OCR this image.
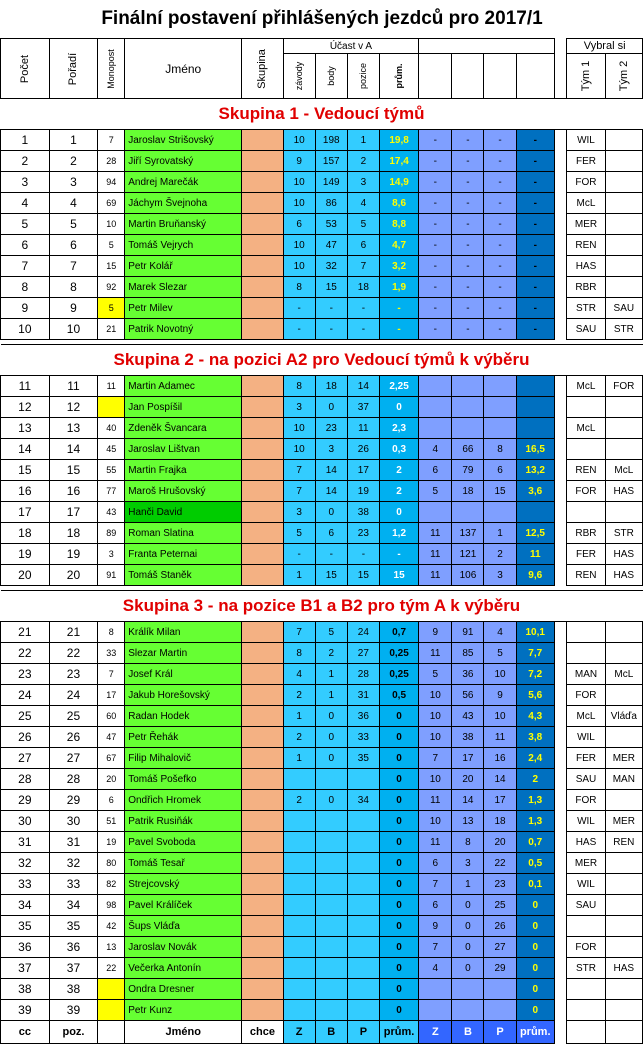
Finální postavení přihlášených jezdců pro 2017/1
Počet	Pořadí	Monopost	Jméno	Skupina	Účast v A				Účast v B					Vybral si	

					závody	body	pozice	prům.	závody	body	pozice	prům.		Tým 1	Tým 2

Skupina 1 - Vedoucí týmů															
1	1	7	Jaroslav Strišovský		10	198	1	19,8	-	-	-	-		WIL	
2	2	28	Jiří Syrovatský		9	157	2	17,4	-	-	-	-		FER	
3	3	94	Andrej Marečák		10	149	3	14,9	-	-	-	-		FOR	
4	4	69	Jáchym Švejnoha		10	86	4	8,6	-	-	-	-		McL	
5	5	10	Martin Bruňanský		6	53	5	8,8	-	-	-	-		MER	
6	6	5	Tomáš Vejrych		10	47	6	4,7	-	-	-	-		REN	
7	7	15	Petr Kolář		10	32	7	3,2	-	-	-	-		HAS	
8	8	92	Marek Slezar		8	15	18	1,9	-	-	-	-		RBR	
9	9	5	Petr Milev		-	-	-	-	-	-	-	-		STR	SAU
10	10	21	Patrik Novotný		-	-	-	-	-	-	-	-		SAU	STR

Skupina 2 - na pozici A2 pro Vedoucí týmů k výběru															
11	11	11	Martin Adamec		8	18	14	2,25						McL	FOR
12	12		Jan Pospíšil		3	0	37	0							
13	13	40	Zdeněk Švancara		10	23	11	2,3						McL	
14	14	45	Jaroslav Lištvan		10	3	26	0,3	4	66	8	16,5			
15	15	55	Martin Frajka		7	14	17	2	6	79	6	13,2		REN	McL
16	16	77	Maroš Hrušovský		7	14	19	2	5	18	15	3,6		FOR	HAS
17	17	43	Hanči David		3	0	38	0							
18	18	89	Roman Slatina		5	6	23	1,2	11	137	1	12,5		RBR	STR
19	19	3	Franta Peternai		-	-	-	-	11	121	2	11		FER	HAS
20	20	91	Tomáš Staněk		1	15	15	15	11	106	3	9,6		REN	HAS

Skupina 3 - na pozice B1 a B2 pro tým A k výběru															
21	21	8	Králík Milan		7	5	24	0,7	9	91	4	10,1			
22	22	33	Slezar Martin		8	2	27	0,25	11	85	5	7,7			
23	23	7	Josef Král		4	1	28	0,25	5	36	10	7,2		MAN	McL
24	24	17	Jakub Horešovský		2	1	31	0,5	10	56	9	5,6		FOR	
25	25	60	Radan Hodek		1	0	36	0	10	43	10	4,3		McL	Vláďa
26	26	47	Petr Řehák		2	0	33	0	10	38	11	3,8		WIL	
27	27	67	Filip Mihalovič		1	0	35	0	7	17	16	2,4		FER	MER
28	28	20	Tomáš Pošefko					0	10	20	14	2		SAU	MAN
29	29	6	Ondřich Hromek		2	0	34	0	11	14	17	1,3		FOR	
30	30	51	Patrik Rusiňák					0	10	13	18	1,3		WIL	MER
31	31	19	Pavel Svoboda					0	11	8	20	0,7		HAS	REN
32	32	80	Tomáš Tesař					0	6	3	22	0,5		MER	
33	33	82	Strejcovský					0	7	1	23	0,1		WIL	
34	34	98	Pavel Králíček					0	6	0	25	0		SAU	
35	35	42	Šups Vláďa					0	9	0	26	0			
36	36	13	Jaroslav Novák					0	7	0	27	0		FOR	
37	37	22	Večerka Antonín					0	4	0	29	0		STR	HAS
38	38		Ondra Dresner					0				0			
39	39		Petr Kunz					0				0			
cc	poz.		Jméno	chce	Z	B	P	prům.	Z	B	P	prům.			
